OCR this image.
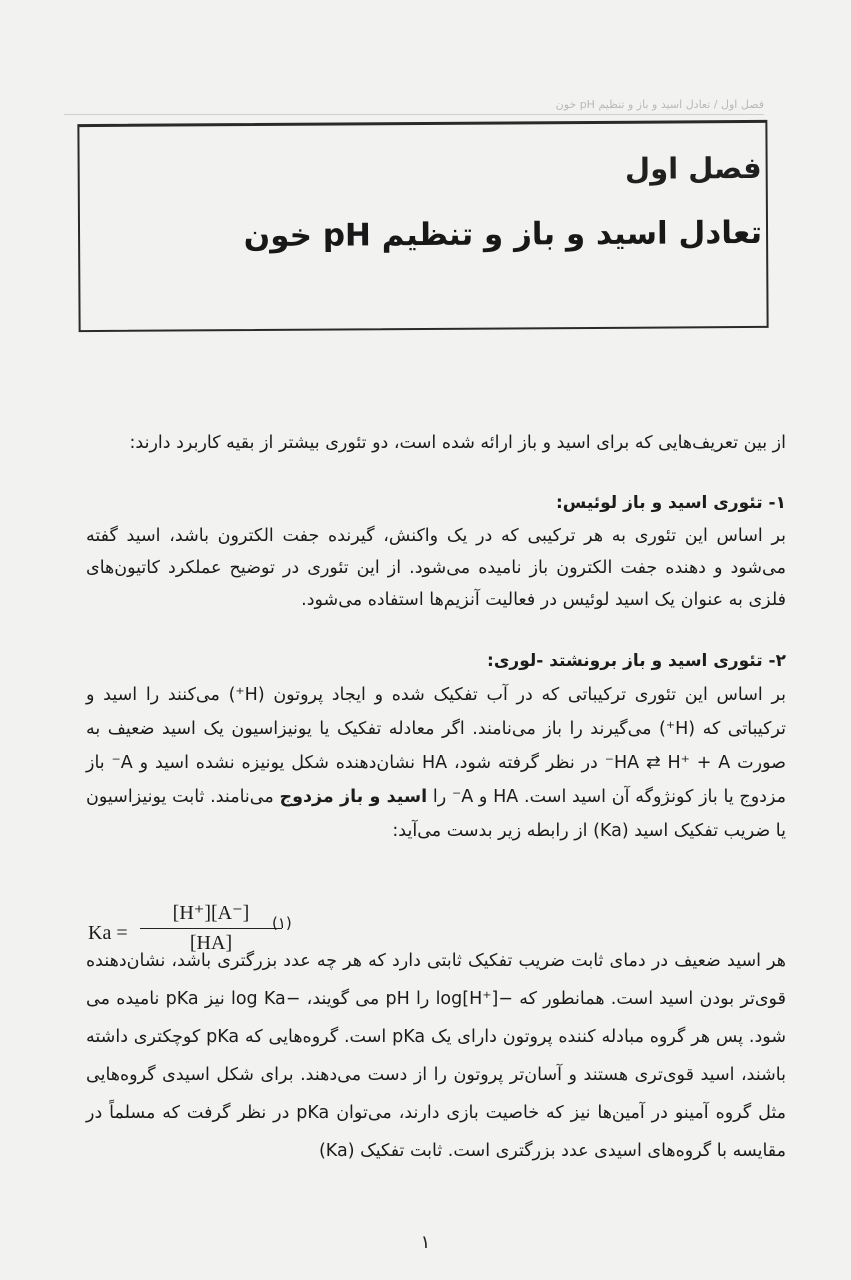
فصل اول / تعادل اسید و باز و تنظیم pH خون
فصل اول
تعادل اسید و باز و تنظیم pH خون

از بین تعریف‌هایی که برای اسید و باز ارائه شده است، دو تئوری بیشتر از بقیه کاربرد دارند:

۱- تئوری اسید و باز لوئیس:

بر اساس این تئوری به هر ترکیبی که در یک واکنش، گیرنده جفت الکترون باشد، اسید گفته می‌شود و دهنده جفت الکترون باز نامیده می‌شود. از این تئوری در توضیح عملکرد کاتیون‌های فلزی به عنوان یک اسید لوئیس در فعالیت آنزیم‌ها استفاده می‌شود.

۲- تئوری اسید و باز برونشتد -لوری:

بر اساس این تئوری ترکیباتی که در آب تفکیک شده و ایجاد پروتون (H⁺) می‌کنند را اسید و ترکیباتی که (H⁺) می‌گیرند را باز می‌نامند. اگر معادله تفکیک یا یونیزاسیون یک اسید ضعیف به صورت HA ⇄ H⁺ + A⁻ در نظر گرفته شود، HA نشان‌دهنده شکل یونیزه نشده اسید و A⁻ باز مزدوج یا باز کونژوگه آن اسید است. HA و A⁻ را اسید و باز مزدوج می‌نامند. ثابت یونیزاسیون یا ضریب تفکیک اسید (Ka) از رابطه زیر بدست می‌آید:

$Ka = \frac{[H^+][A^-]}{[HA]}$
(۱)

هر اسید ضعیف در دمای ثابت ضریب تفکیک ثابتی دارد که هر چه عدد بزرگتری باشد، نشان‌دهنده قوی‌تر بودن اسید است. همانطور که −log[H⁺] را pH می گویند، −log Ka نیز pKa نامیده می شود. پس هر گروه مبادله کننده پروتون دارای یک pKa است. گروه‌هایی که pKa کوچکتری داشته باشند، اسید قوی‌تری هستند و آسان‌تر پروتون را از دست می‌دهند. برای شکل اسیدی گروه‌هایی مثل گروه آمینو در آمین‌ها نیز که خاصیت بازی دارند، می‌توان pKa در نظر گرفت که مسلماً در مقایسه با گروه‌های اسیدی عدد بزرگتری است. ثابت تفکیک (Ka)

۱
